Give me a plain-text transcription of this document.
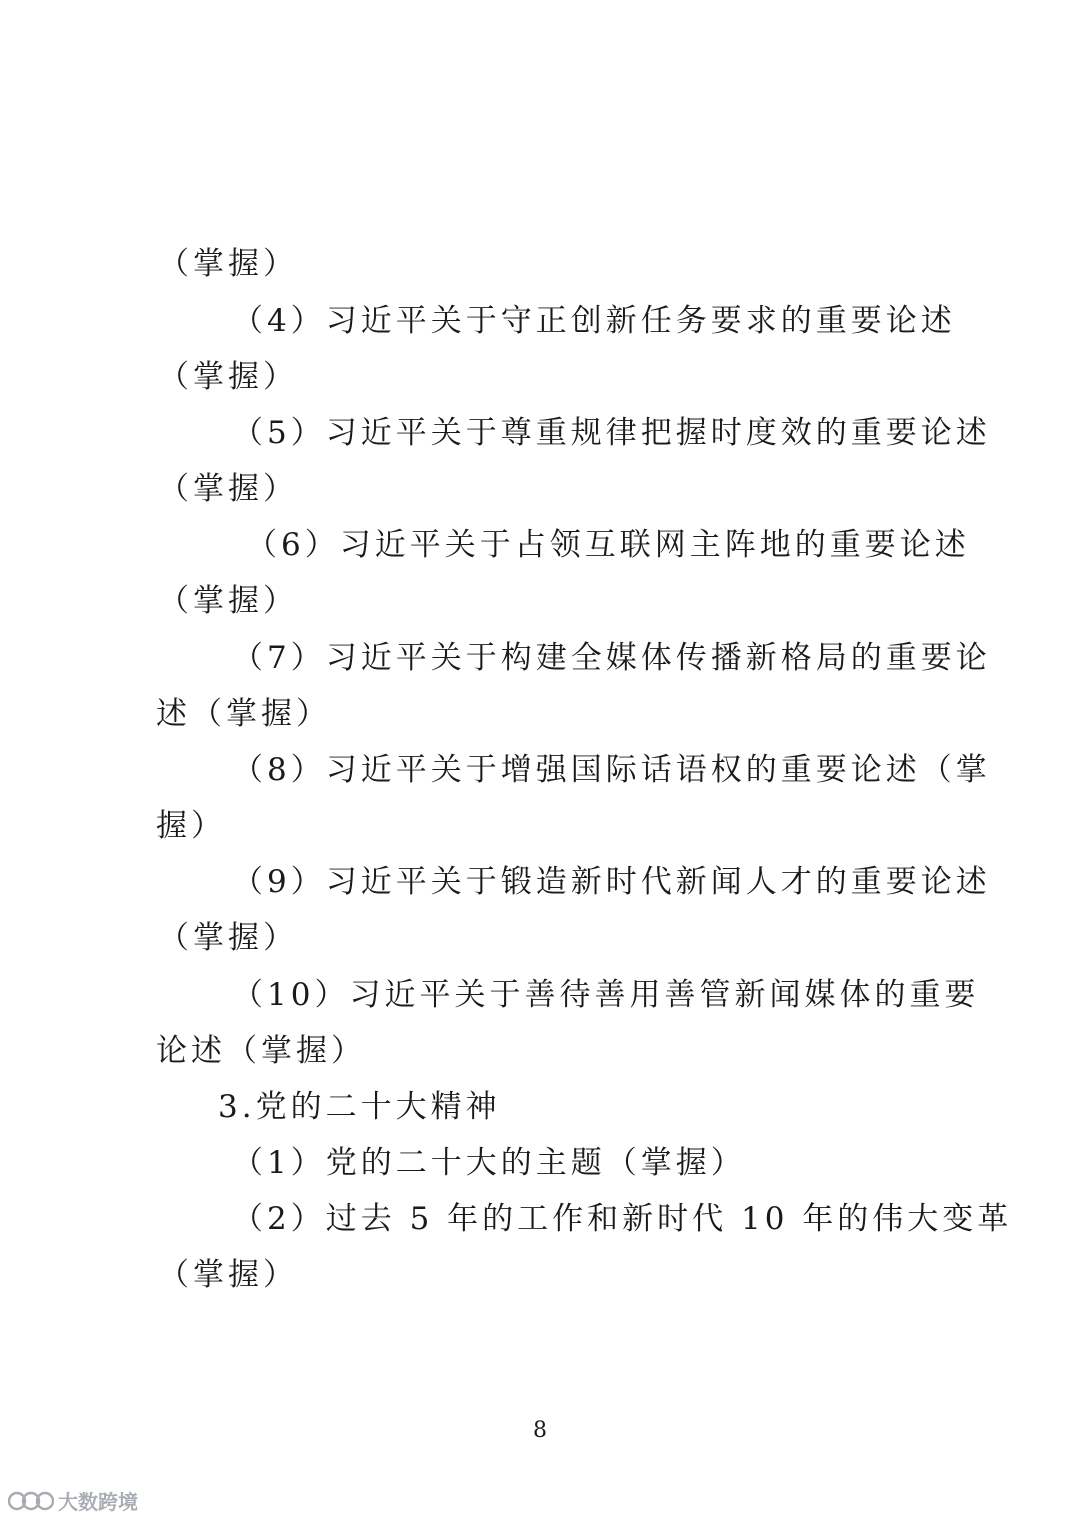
（掌握）
（4）习近平关于守正创新任务要求的重要论述
（掌握）
（5）习近平关于尊重规律把握时度效的重要论述
（掌握）
（6）习近平关于占领互联网主阵地的重要论述
（掌握）
（7）习近平关于构建全媒体传播新格局的重要论
述（掌握）
（8）习近平关于增强国际话语权的重要论述（掌
握）
（9）习近平关于锻造新时代新闻人才的重要论述
（掌握）
（10）习近平关于善待善用善管新闻媒体的重要
论述（掌握）
3.党的二十大精神
（1）党的二十大的主题（掌握）
（2）过去 5 年的工作和新时代 10 年的伟大变革
（掌握）
8
大数跨境
